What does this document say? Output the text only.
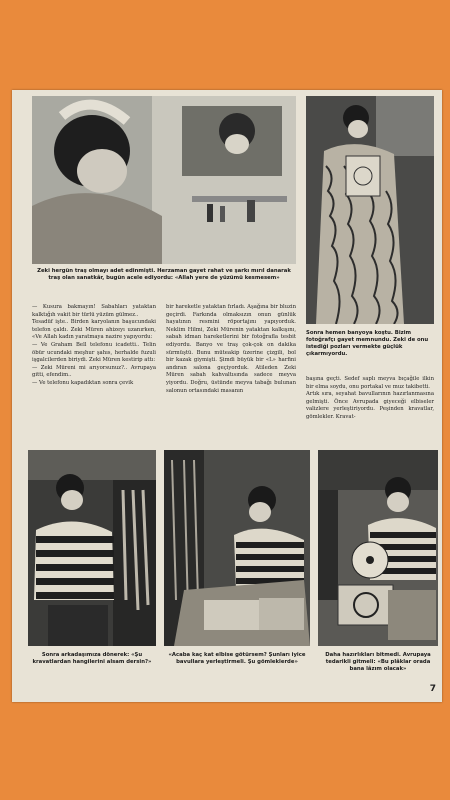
Zeki hergün traş olmayı adet edinmişti. Herzaman gayet rahat ve şarkı mırıl danarak traş olan sanatkâr, bugün acele ediyordu: «Allah yere de yüzümü kesmesem»
Sonra hemen banyoya koştu. Bizim fotoğrafçı gayet memnundu. Zeki de onu istediği pozları vermekte güçlük çıkarmıyordu.

— Kusura bakmayın! Sabahları yataktan kalktığıh vakit bir türlü yüzüm gülmez..

Tesadüf işte.. Birden karyolanın başucundaki telefon çaldı. Zeki Müren ahizeyı uzanırken, «Ve Allah kadın yaratmaya nazire yapıyordu:

— Ve Graham Bell telefonu icadetti.. Telin öbür ucundaki meşhur şahıs, herhalde fuzuli işgalcilerden biriydi. Zeki Müren kestirip attı:

— Zeki Müreni mi arıyorsunuz?.. Avrupaya gitti, efendim..

— Ve telefonu kapadıktan sonra çevik

bir hareketle yataktan fırladı. Aşağına bir bluzin geçirdi. Farkında olmaksızın onun günlük hayatının resmini röportajını yapıyorduk. Neklim Hilmi, Zeki Mürenin yataktan kalkışını, sabah idman hareketlerini bir fotoğrafla tesbit ediyordu. Banyo ve traş çok-çok on dakika sürmüştü. Bunu müteakip üzerine çizgili, bol bir kazak giymişti. Şimdi büyük bir «L» harfini andıran salona geçiyorduk. Atileden Zeki Müren sabah kahvaltısında sadece meyva yiyordu. Doğru, üstünde meyva tabağı bulunan salonun ortasındaki masanın

başına geçti. Sedef saplı meyva bıçağile ilkin bir elma soydu, onu portakal ve muz takibetti.

Artık sıra, seyahat bavullarının hazırlanmasına gelmişti. Önce Avrupada giyeceği elbiseler valizlere yerleştiriyordu. Peşinden kravatlar, gömlekler. Kravat-

Sonra arkadaşımıza dönerek: «Şu kravatlardan hangilerini alsam dersin?»
«Acaba kaç kat elbise götürsem? Şunları iyice bavullara yerleştirmeli. Şu gömleklerde»
Daha hazırlıkları bitmedi. Avrupaya tedarikli gitmeli: «Bu plâklar orada bana lâzım olacak»
7
